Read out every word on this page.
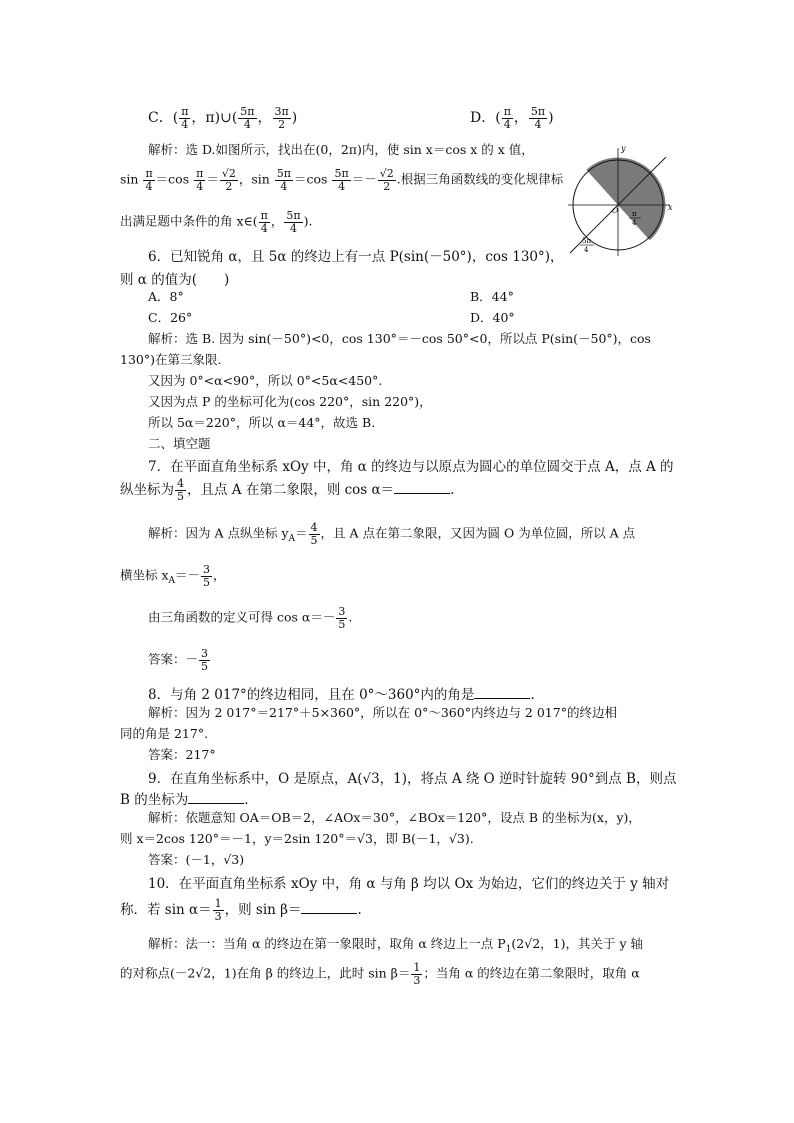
C．( $\frac{\pi}{4}$ ，π)∪( $\frac{5\pi}{4}$ ， $\frac{3\pi}{2}$ )	D．( $\frac{\pi}{4}$ ， $\frac{5\pi}{4}$ )
解析：选 D.如图所示，找出在(0，2π)内，使 sin x＝cos x 的 x 值，
$\sin \frac{\pi}{4} =\cos \frac{\pi}{4} = \frac{√2}{2}$ ，$\sin \frac{5\pi}{4} =\cos \frac{5\pi}{4} =- \frac{√2}{2}$ .根据三角函数线的变化规律标
出满足题中条件的角 x∈( $\frac{\pi}{4}$ ， $\frac{5\pi}{4}$ ).
y
x
O π
4
5π
4
6．已知锐角 α，且 5α 的终边上有一点 P(sin(－50°)，cos 130°)，
则 α 的值为(　　)
A．8°	B．44°
C．26°	D．40°
解析：选 B. 因为 sin(－50°)<0，cos 130°＝－cos 50°<0，所以点 P(sin(－50°)，cos
130°)在第三象限.
又因为 0°<α<90°，所以 0°<5α<450°.
又因为点 P 的坐标可化为(cos 220°，sin 220°)，
所以 5α＝220°，所以 α＝44°，故选 B.
二、填空题
7．在平面直角坐标系 xOy 中，角 α 的终边与以原点为圆心的单位圆交于点 A，点 A 的
纵坐标为 $\frac{4}{5}$ ，且点 A 在第二象限，则 cos α＝	.
解析：因为 A 点纵坐标 $y_A= \frac{4}{5}$ ，且 A 点在第二象限，又因为圆 O 为单位圆，所以 A 点
横坐标 $x_A=- \frac{3}{5}$ ，
由三角函数的定义可得 $\cos \alpha=- \frac{3}{5}$ .
答案：－ $\frac{3}{5}$
8．与角 2 017°的终边相同，且在 0°～360°内的角是	.
解析：因为 2 017°＝217°＋5×360°，所以在 0°～360°内终边与 2 017°的终边相
同的角是 217°.
答案：217°
9．在直角坐标系中，O 是原点，A(√3，1)，将点 A 绕 O 逆时针旋转 90°到点 B，则点
B 的坐标为	.
解析：依题意知 OA＝OB＝2，∠AOx＝30°，∠BOx＝120°，设点 B 的坐标为(x，y)，
则 x＝2cos 120°＝－1，y＝2sin 120°＝√3，即 B(－1，√3).
答案：(－1，√3)
10．在平面直角坐标系 xOy 中，角 α 与角 β 均以 Ox 为始边，它们的终边关于 y 轴对
称．若 $\sin \alpha= \frac{1}{3}$ ，则 sin β＝	.
解析：法一：当角 α 的终边在第一象限时，取角 α 终边上一点 $P_1(2√2$，1)，其关于 y 轴
的对称点(－2√2，1)在角 β 的终边上，此时 $\sin \beta= \frac{1}{3}$ ；当角 α 的终边在第二象限时，取角 α
